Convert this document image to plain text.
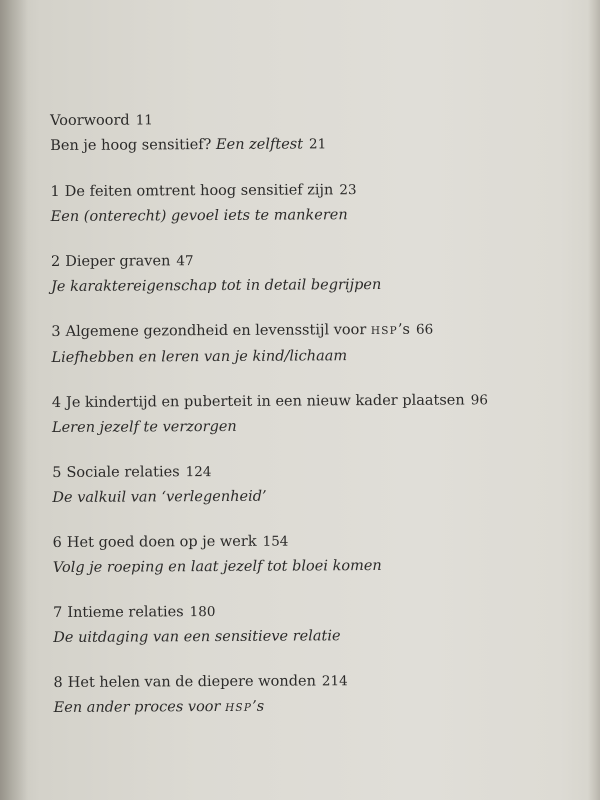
Voorwoord 11
Ben je hoog sensitief? Een zelftest 21
1 De feiten omtrent hoog sensitief zijn 23
Een (onterecht) gevoel iets te mankeren
2 Dieper graven 47
Je karaktereigenschap tot in detail begrijpen
3 Algemene gezondheid en levensstijl voor HSP’s 66
Liefhebben en leren van je kind/lichaam
4 Je kindertijd en puberteit in een nieuw kader plaatsen 96
Leren jezelf te verzorgen
5 Sociale relaties 124
De valkuil van ‘verlegenheid’
6 Het goed doen op je werk 154
Volg je roeping en laat jezelf tot bloei komen
7 Intieme relaties 180
De uitdaging van een sensitieve relatie
8 Het helen van de diepere wonden 214
Een ander proces voor HSP’s
